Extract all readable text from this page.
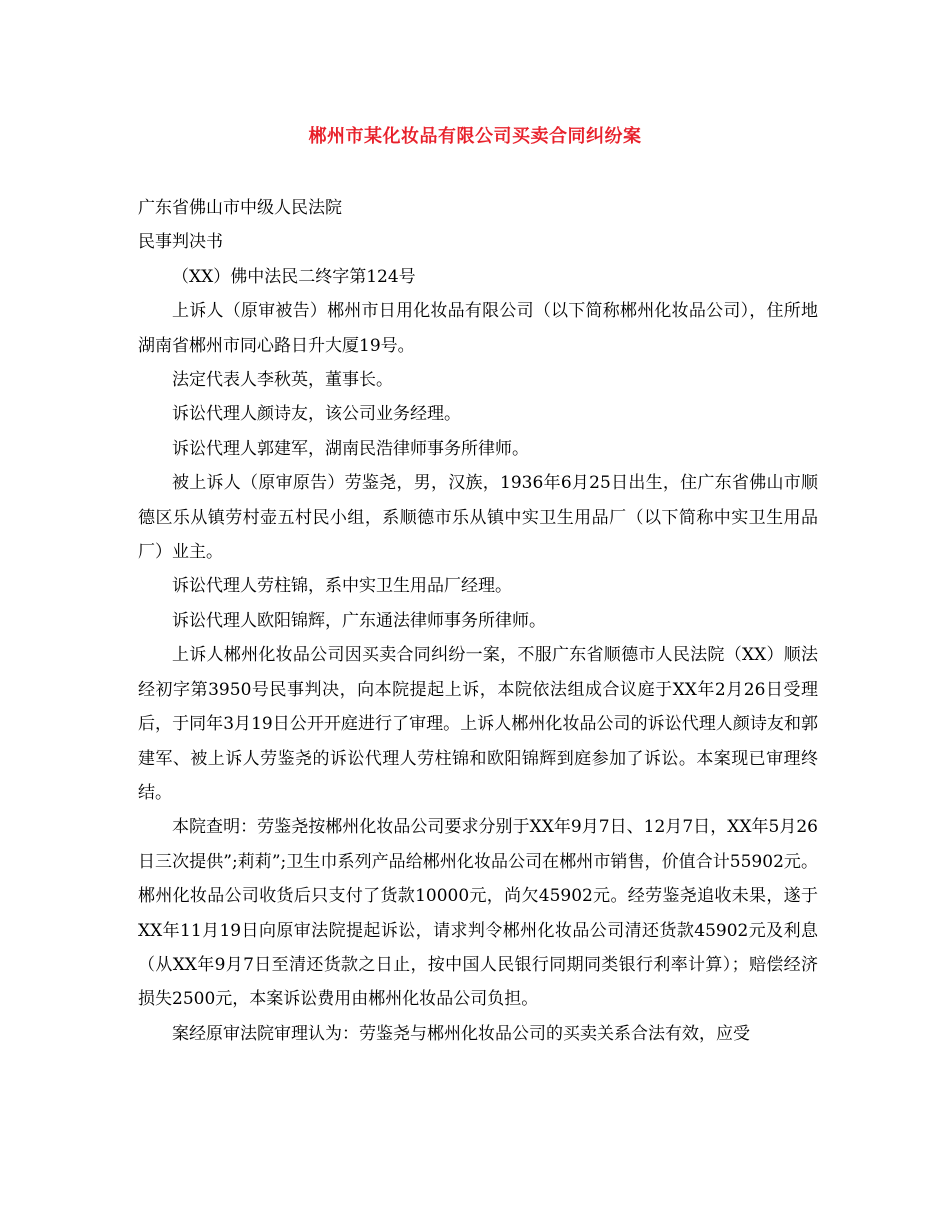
郴州市某化妆品有限公司买卖合同纠纷案
广东省佛山市中级人民法院
民事判决书
（XX）佛中法民二终字第124号

上诉人（原审被告）郴州市日用化妆品有限公司（以下简称郴州化妆品公司），住所地湖南省郴州市同心路日升大厦19号。

法定代表人李秋英，董事长。

诉讼代理人颜诗友，该公司业务经理。

诉讼代理人郭建军，湖南民浩律师事务所律师。

被上诉人（原审原告）劳鉴尧，男，汉族，1936年6月25日出生，住广东省佛山市顺德区乐从镇劳村壶五村民小组，系顺德市乐从镇中实卫生用品厂（以下简称中实卫生用品厂）业主。

诉讼代理人劳柱锦，系中实卫生用品厂经理。

诉讼代理人欧阳锦辉，广东通法律师事务所律师。

上诉人郴州化妆品公司因买卖合同纠纷一案，不服广东省顺德市人民法院（XX）顺法经初字第3950号民事判决，向本院提起上诉，本院依法组成合议庭于XX年2月26日受理后，于同年3月19日公开开庭进行了审理。上诉人郴州化妆品公司的诉讼代理人颜诗友和郭建军、被上诉人劳鉴尧的诉讼代理人劳柱锦和欧阳锦辉到庭参加了诉讼。本案现已审理终结。

本院查明：劳鉴尧按郴州化妆品公司要求分别于XX年9月7日、12月7日，XX年5月26日三次提供”;莉莉”;卫生巾系列产品给郴州化妆品公司在郴州市销售，价值合计55902元。郴州化妆品公司收货后只支付了货款10000元，尚欠45902元。经劳鉴尧追收未果，遂于XX年11月19日向原审法院提起诉讼，请求判令郴州化妆品公司清还货款45902元及利息（从XX年9月7日至清还货款之日止，按中国人民银行同期同类银行利率计算）；赔偿经济损失2500元，本案诉讼费用由郴州化妆品公司负担。

案经原审法院审理认为：劳鉴尧与郴州化妆品公司的买卖关系合法有效，应受
